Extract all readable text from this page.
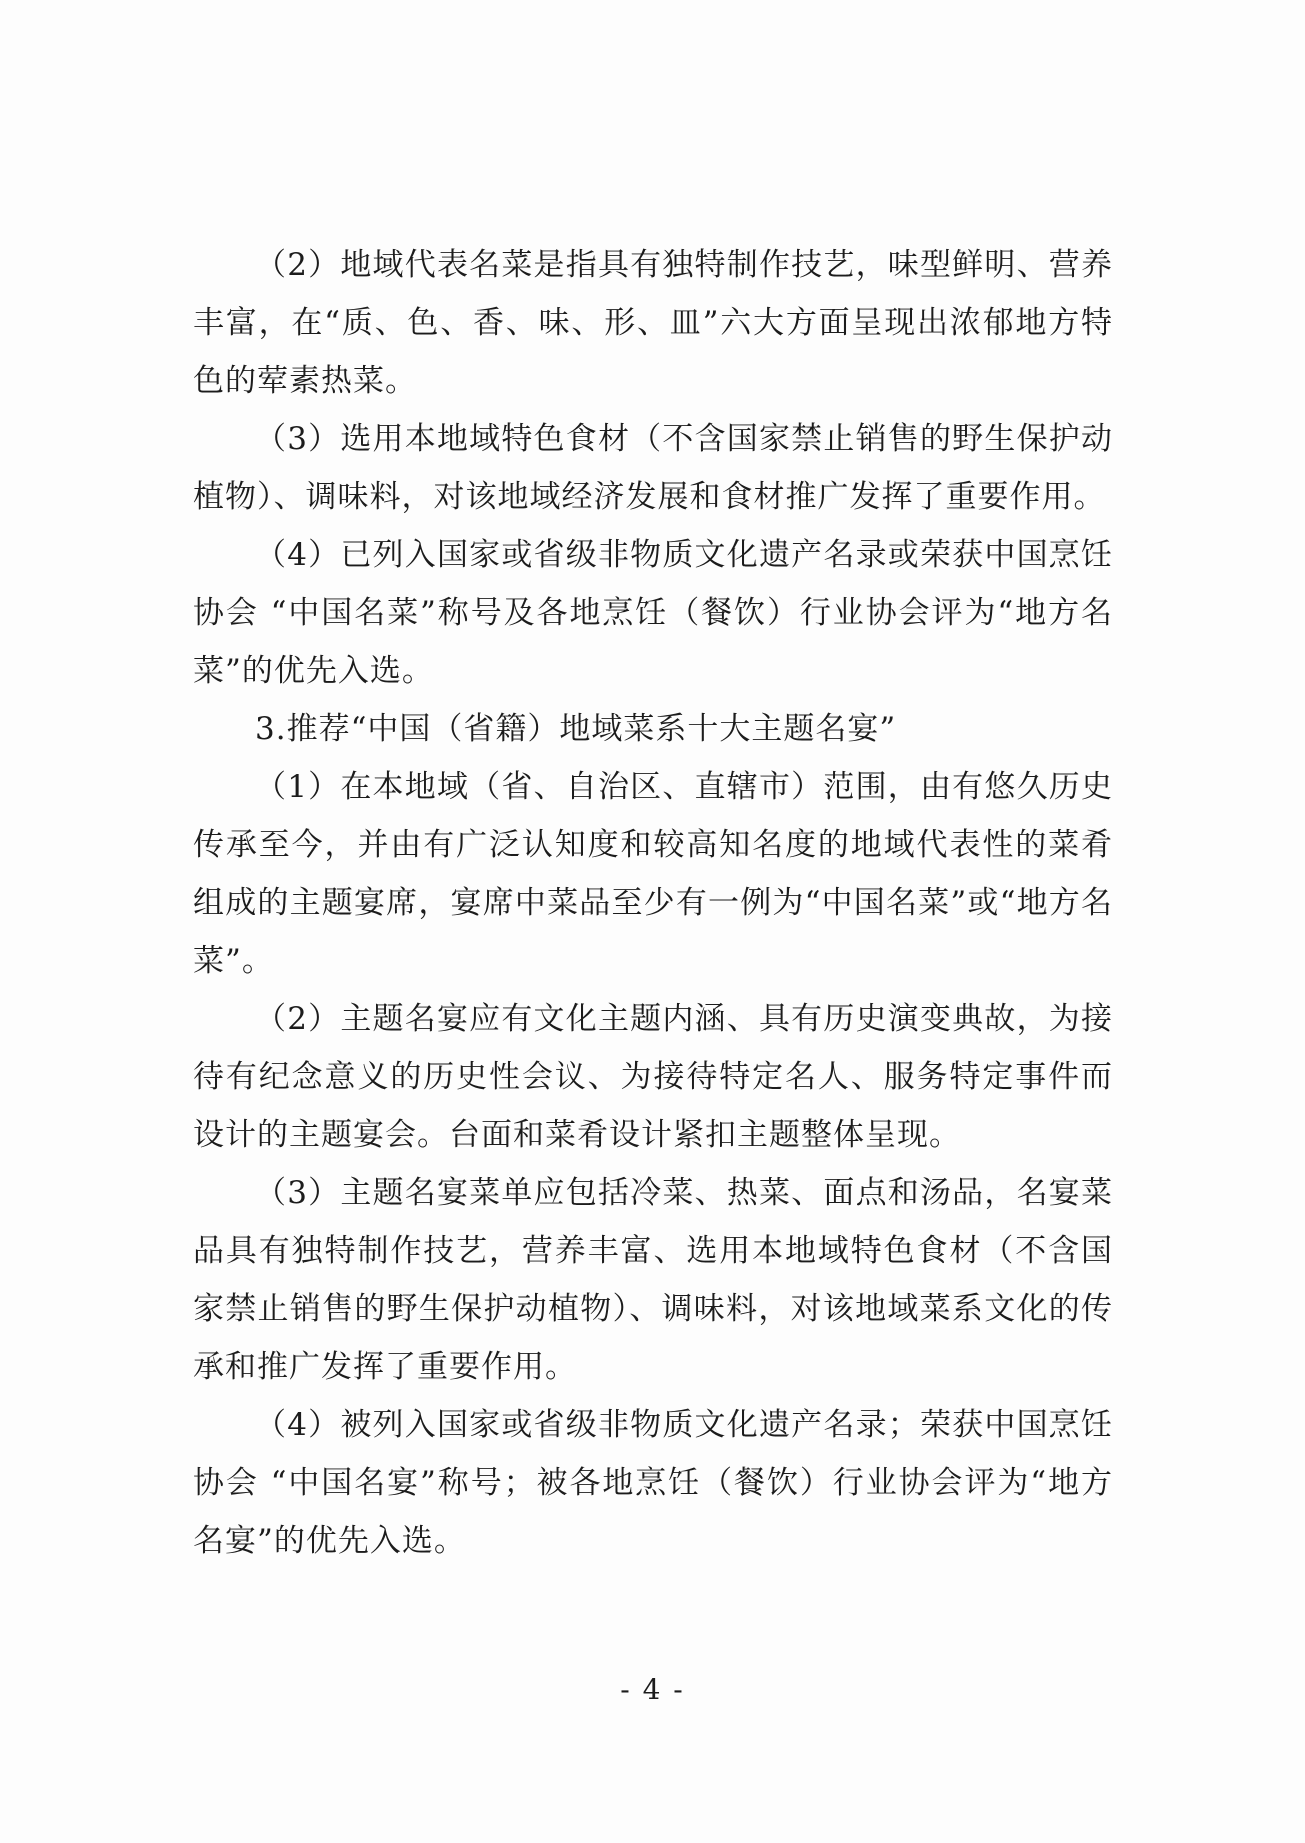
（2）地域代表名菜是指具有独特制作技艺，味型鲜明、营养丰富，在“质、色、香、味、形、皿”六大方面呈现出浓郁地方特色的荤素热菜。

（3）选用本地域特色食材（不含国家禁止销售的野生保护动植物）、调味料，对该地域经济发展和食材推广发挥了重要作用。

（4）已列入国家或省级非物质文化遗产名录或荣获中国烹饪协会 “中国名菜”称号及各地烹饪（餐饮）行业协会评为“地方名菜”的优先入选。

3.推荐“中国（省籍）地域菜系十大主题名宴”

（1）在本地域（省、自治区、直辖市）范围，由有悠久历史传承至今，并由有广泛认知度和较高知名度的地域代表性的菜肴组成的主题宴席，宴席中菜品至少有一例为“中国名菜”或“地方名菜”。

（2）主题名宴应有文化主题内涵、具有历史演变典故，为接待有纪念意义的历史性会议、为接待特定名人、服务特定事件而设计的主题宴会。台面和菜肴设计紧扣主题整体呈现。

（3）主题名宴菜单应包括冷菜、热菜、面点和汤品，名宴菜品具有独特制作技艺，营养丰富、选用本地域特色食材（不含国家禁止销售的野生保护动植物）、调味料，对该地域菜系文化的传承和推广发挥了重要作用。

（4）被列入国家或省级非物质文化遗产名录；荣获中国烹饪协会 “中国名宴”称号；被各地烹饪（餐饮）行业协会评为“地方名宴”的优先入选。

- 4 -
